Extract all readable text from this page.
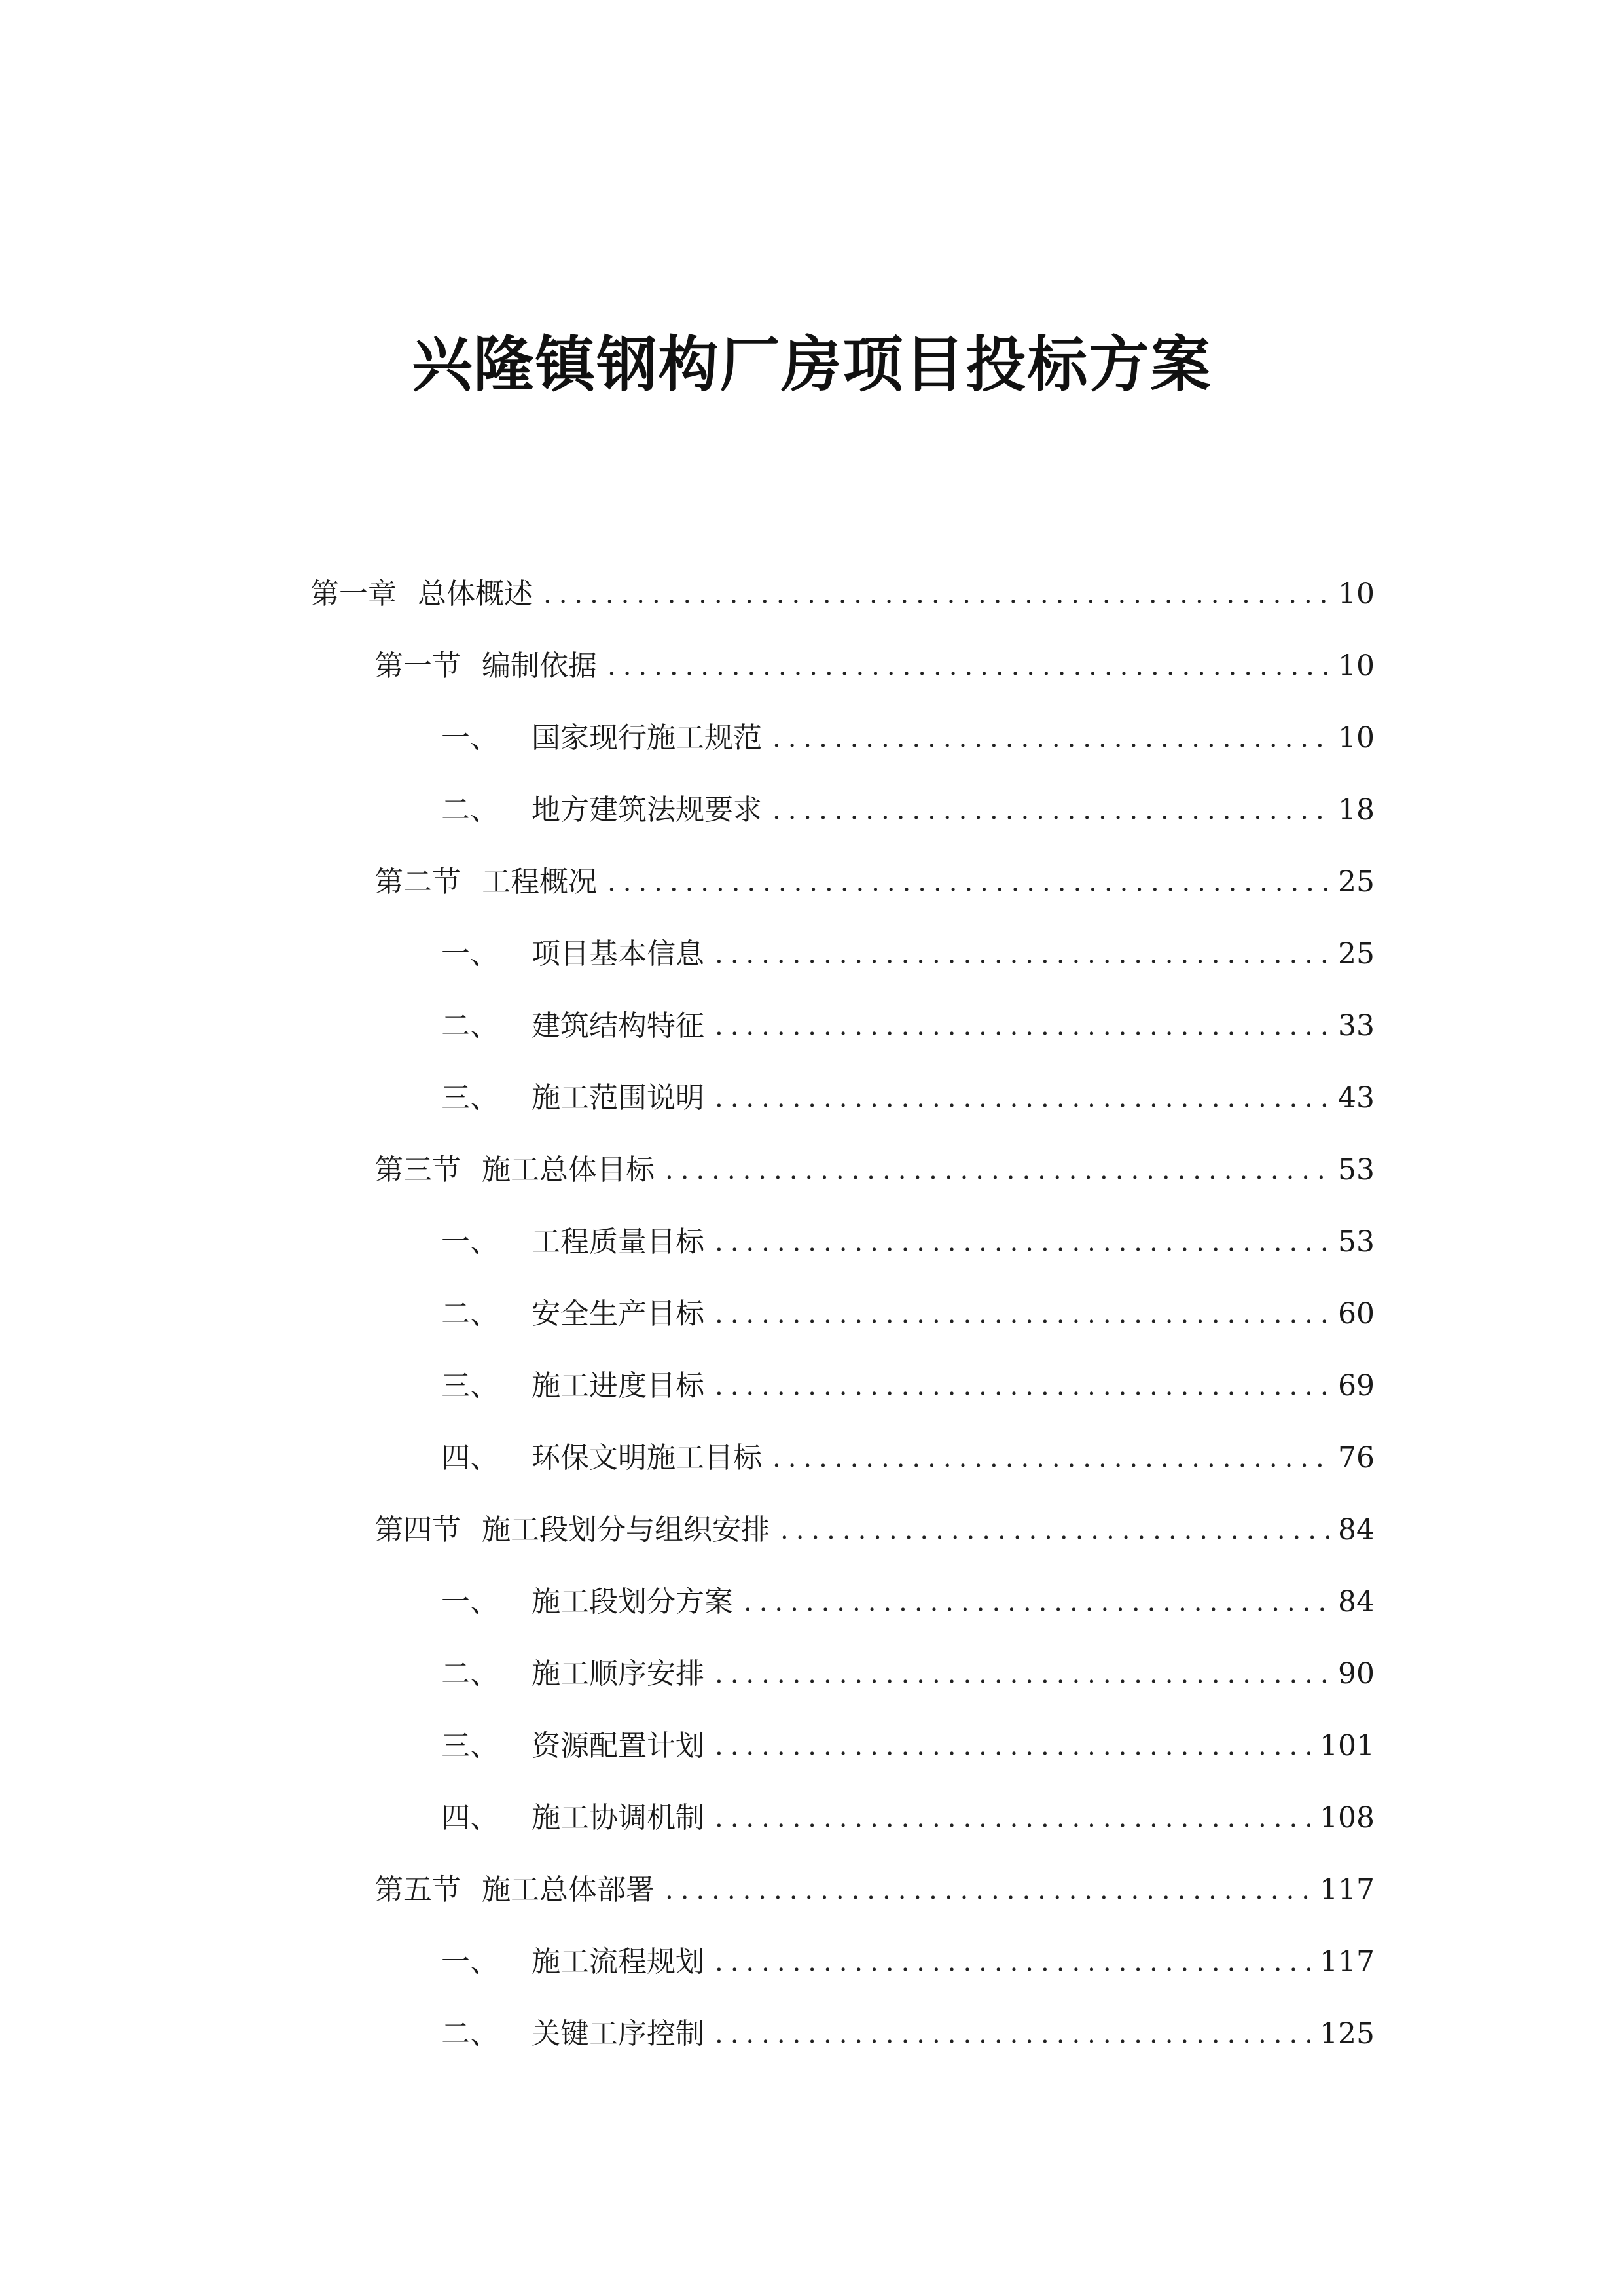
兴隆镇钢构厂房项目投标方案
第一章 总体概述 .....	10
第一节 编制依据 .....	10
一、 国家现行施工规范 .....	10
二、 地方建筑法规要求 .....	18
第二节 工程概况 .....	25
一、 项目基本信息 .....	25
二、 建筑结构特征 .....	33
三、 施工范围说明 .....	43
第三节 施工总体目标 .....	53
一、 工程质量目标 .....	53
二、 安全生产目标 .....	60
三、 施工进度目标 .....	69
四、 环保文明施工目标 .....	76
第四节 施工段划分与组织安排 .....	84
一、 施工段划分方案 .....	84
二、 施工顺序安排 .....	90
三、 资源配置计划 .....	101
四、 施工协调机制 .....	108
第五节 施工总体部署 .....	117
一、 施工流程规划 .....	117
二、 关键工序控制 .....	125
